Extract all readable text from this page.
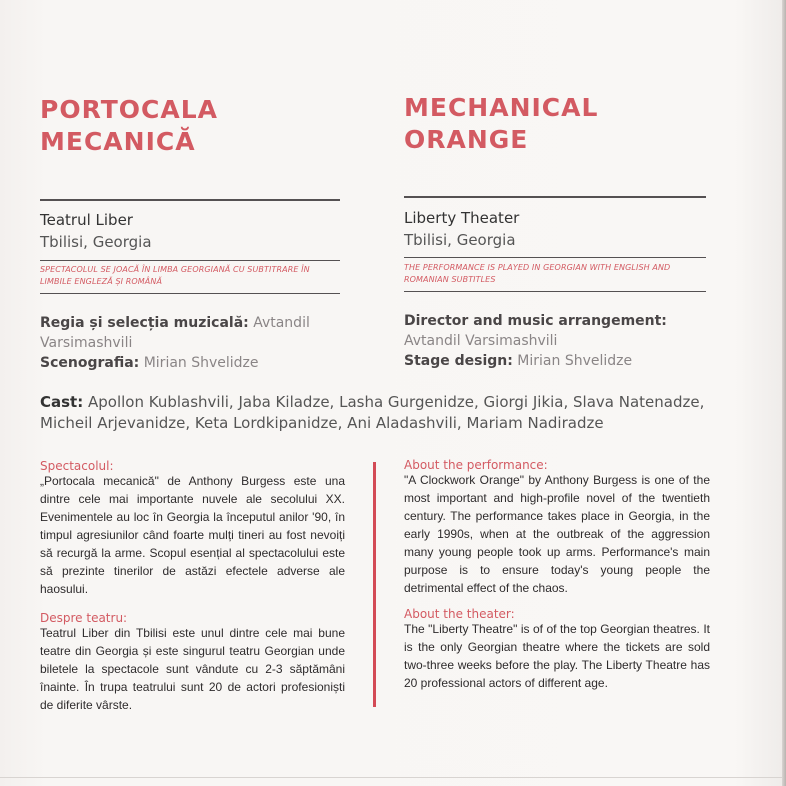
PORTOCALA
MECANICĂ
Teatrul Liber
Tbilisi, Georgia
SPECTACOLUL SE JOACĂ ÎN LIMBA GEORGIANĂ CU SUBTITRARE ÎN LIMBILE ENGLEZĂ ȘI ROMÂNĂ
Regia și selecția muzicală: Avtandil Varsimashvili
Scenografia: Mirian Shvelidze
MECHANICAL
ORANGE
Liberty Theater
Tbilisi, Georgia
THE PERFORMANCE IS PLAYED IN GEORGIAN WITH ENGLISH AND ROMANIAN SUBTITLES
Director and music arrangement: Avtandil Varsimashvili
Stage design: Mirian Shvelidze
Cast: Apollon Kublashvili, Jaba Kiladze, Lasha Gurgenidze, Giorgi Jikia, Slava Natenadze, Micheil Arjevanidze, Keta Lordkipanidze, Ani Aladashvili, Mariam Nadiradze
Spectacolul:

„Portocala mecanică" de Anthony Burgess este una dintre cele mai importante nuvele ale secolului XX. Evenimentele au loc în Georgia la începutul anilor '90, în timpul agresiunilor când foarte mulți tineri au fost nevoiți să recurgă la arme. Scopul esențial al spectacolului este să prezinte tinerilor de astăzi efectele adverse ale haosului.

Despre teatru:

Teatrul Liber din Tbilisi este unul dintre cele mai bune teatre din Georgia și este singurul teatru Georgian unde biletele la spectacole sunt vândute cu 2-3 săptămâni înainte. În trupa teatrului sunt 20 de actori profesioniști de diferite vârste.

About the performance:

"A Clockwork Orange" by Anthony Burgess is one of the most important and high-profile novel of the twentieth century. The performance takes place in Georgia, in the early 1990s, when at the outbreak of the aggression many young people took up arms. Performance's main purpose is to ensure today's young people the detrimental effect of the chaos.

About the theater:

The "Liberty Theatre" is of of the top Georgian theatres. It is the only Georgian theatre where the tickets are sold two-three weeks before the play. The Liberty Theatre has 20 professional actors of different age.
